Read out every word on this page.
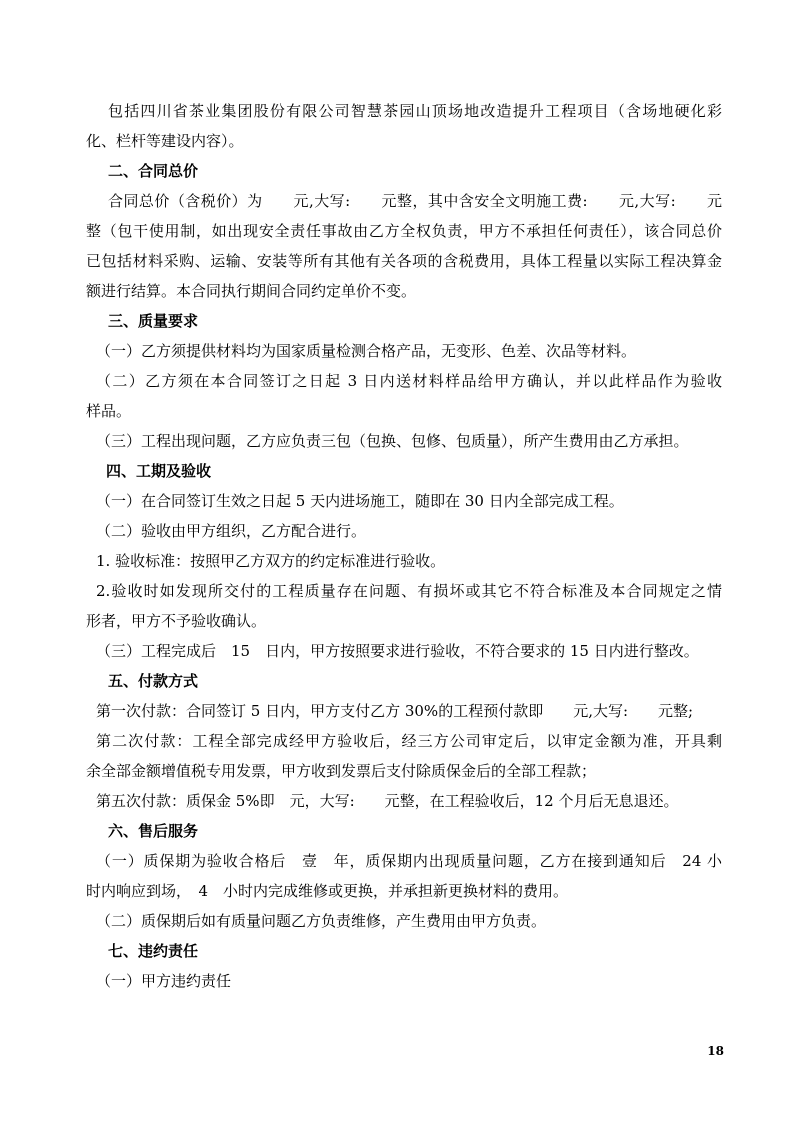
包括四川省茶业集团股份有限公司智慧茶园山顶场地改造提升工程项目（含场地硬化彩
化、栏杆等建设内容）。
二、合同总价
合同总价（含税价）为　　元,大写:　　元整，其中含安全文明施工费:　　元,大写:　　元
整（包干使用制，如出现安全责任事故由乙方全权负责，甲方不承担任何责任），该合同总价
已包括材料采购、运输、安装等所有其他有关各项的含税费用，具体工程量以实际工程决算金
额进行结算。本合同执行期间合同约定单价不变。
三、质量要求
（一）乙方须提供材料均为国家质量检测合格产品，无变形、色差、次品等材料。
（二）乙方须在本合同签订之日起 3 日内送材料样品给甲方确认，并以此样品作为验收
样品。
（三）工程出现问题，乙方应负责三包（包换、包修、包质量），所产生费用由乙方承担。
四、工期及验收
（一）在合同签订生效之日起 5 天内进场施工，随即在 30 日内全部完成工程。
（二）验收由甲方组织，乙方配合进行。
1. 验收标准：按照甲乙方双方的约定标准进行验收。
2.验收时如发现所交付的工程质量存在问题、有损坏或其它不符合标准及本合同规定之情
形者，甲方不予验收确认。
（三）工程完成后　15　日内，甲方按照要求进行验收，不符合要求的 15 日内进行整改。
五、付款方式
第一次付款：合同签订 5 日内，甲方支付乙方 30%的工程预付款即　　元,大写:　　元整;
第二次付款：工程全部完成经甲方验收后，经三方公司审定后，以审定金额为准，开具剩
余全部金额增值税专用发票，甲方收到发票后支付除质保金后的全部工程款；
第五次付款：质保金 5%即　元，大写:　　元整，在工程验收后，12 个月后无息退还。
六、售后服务
（一）质保期为验收合格后　壹　年，质保期内出现质量问题，乙方在接到通知后　24 小
时内响应到场，　4　小时内完成维修或更换，并承担新更换材料的费用。
（二）质保期后如有质量问题乙方负责维修，产生费用由甲方负责。
七、违约责任
（一）甲方违约责任
18
